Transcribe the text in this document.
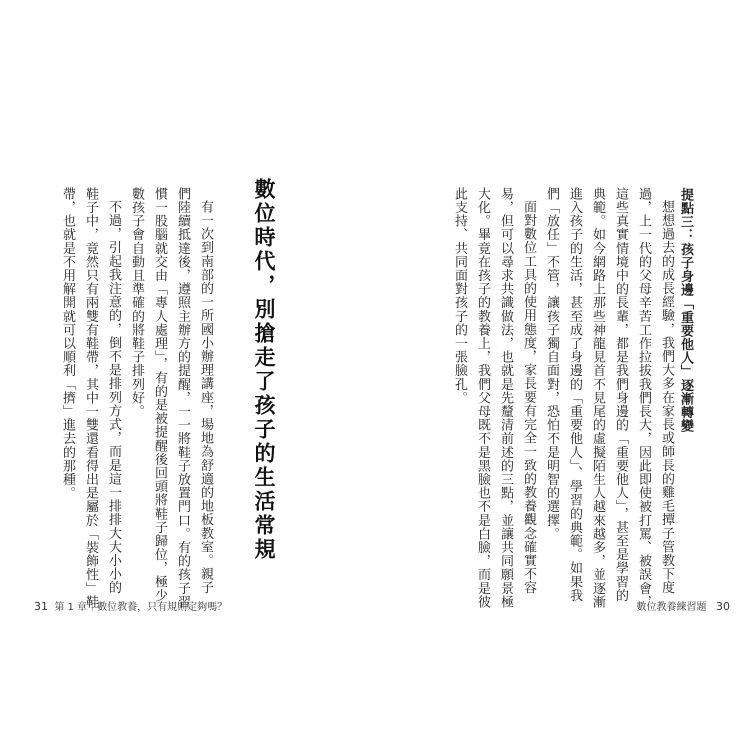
提點三：孩子身邊「重要他人」逐漸轉變
想想過去的成長經驗，我們大多在家長或師長的雞毛撢子管教下度
過，上一代的父母辛苦工作拉拔我們長大，因此即使被打罵、被誤會，
這些真實情境中的長輩，都是我們身邊的「重要他人」，甚至是學習的
典範。如今網路上那些神龍見首不見尾的虛擬陌生人越來越多，並逐漸
進入孩子的生活，甚至成了身邊的「重要他人」、學習的典範。如果我
們「放任」不管，讓孩子獨自面對，恐怕不是明智的選擇。
面對數位工具的使用態度，家長要有完全一致的教養觀念確實不容
易，但可以尋求共識做法，也就是先釐清前述的三點，並讓共同願景極
大化。畢竟在孩子的教養上，我們父母既不是黑臉也不是白臉，而是彼
此支持、共同面對孩子的一張臉孔。
數位教養練習題 30
數位時代，別搶走了孩子的生活常規
有一次到南部的一所國小辦理講座，場地為舒適的地板教室。親子
們陸續抵達後，遵照主辦方的提醒，一一將鞋子放置門口。有的孩子習
慣一股腦就交由「專人處理」，有的是被提醒後回頭將鞋子歸位，極少
數孩子會自動且準確的將鞋子排列好。
不過，引起我注意的，倒不是排列方式，而是這一排排大大小小的
鞋子中，竟然只有兩雙有鞋帶，其中一雙還看得出是屬於「裝飾性」鞋
帶，也就是不用解開就可以順利「擠」進去的那種。
31 第 1 章｜數位教養，只有規則定夠嗎？
